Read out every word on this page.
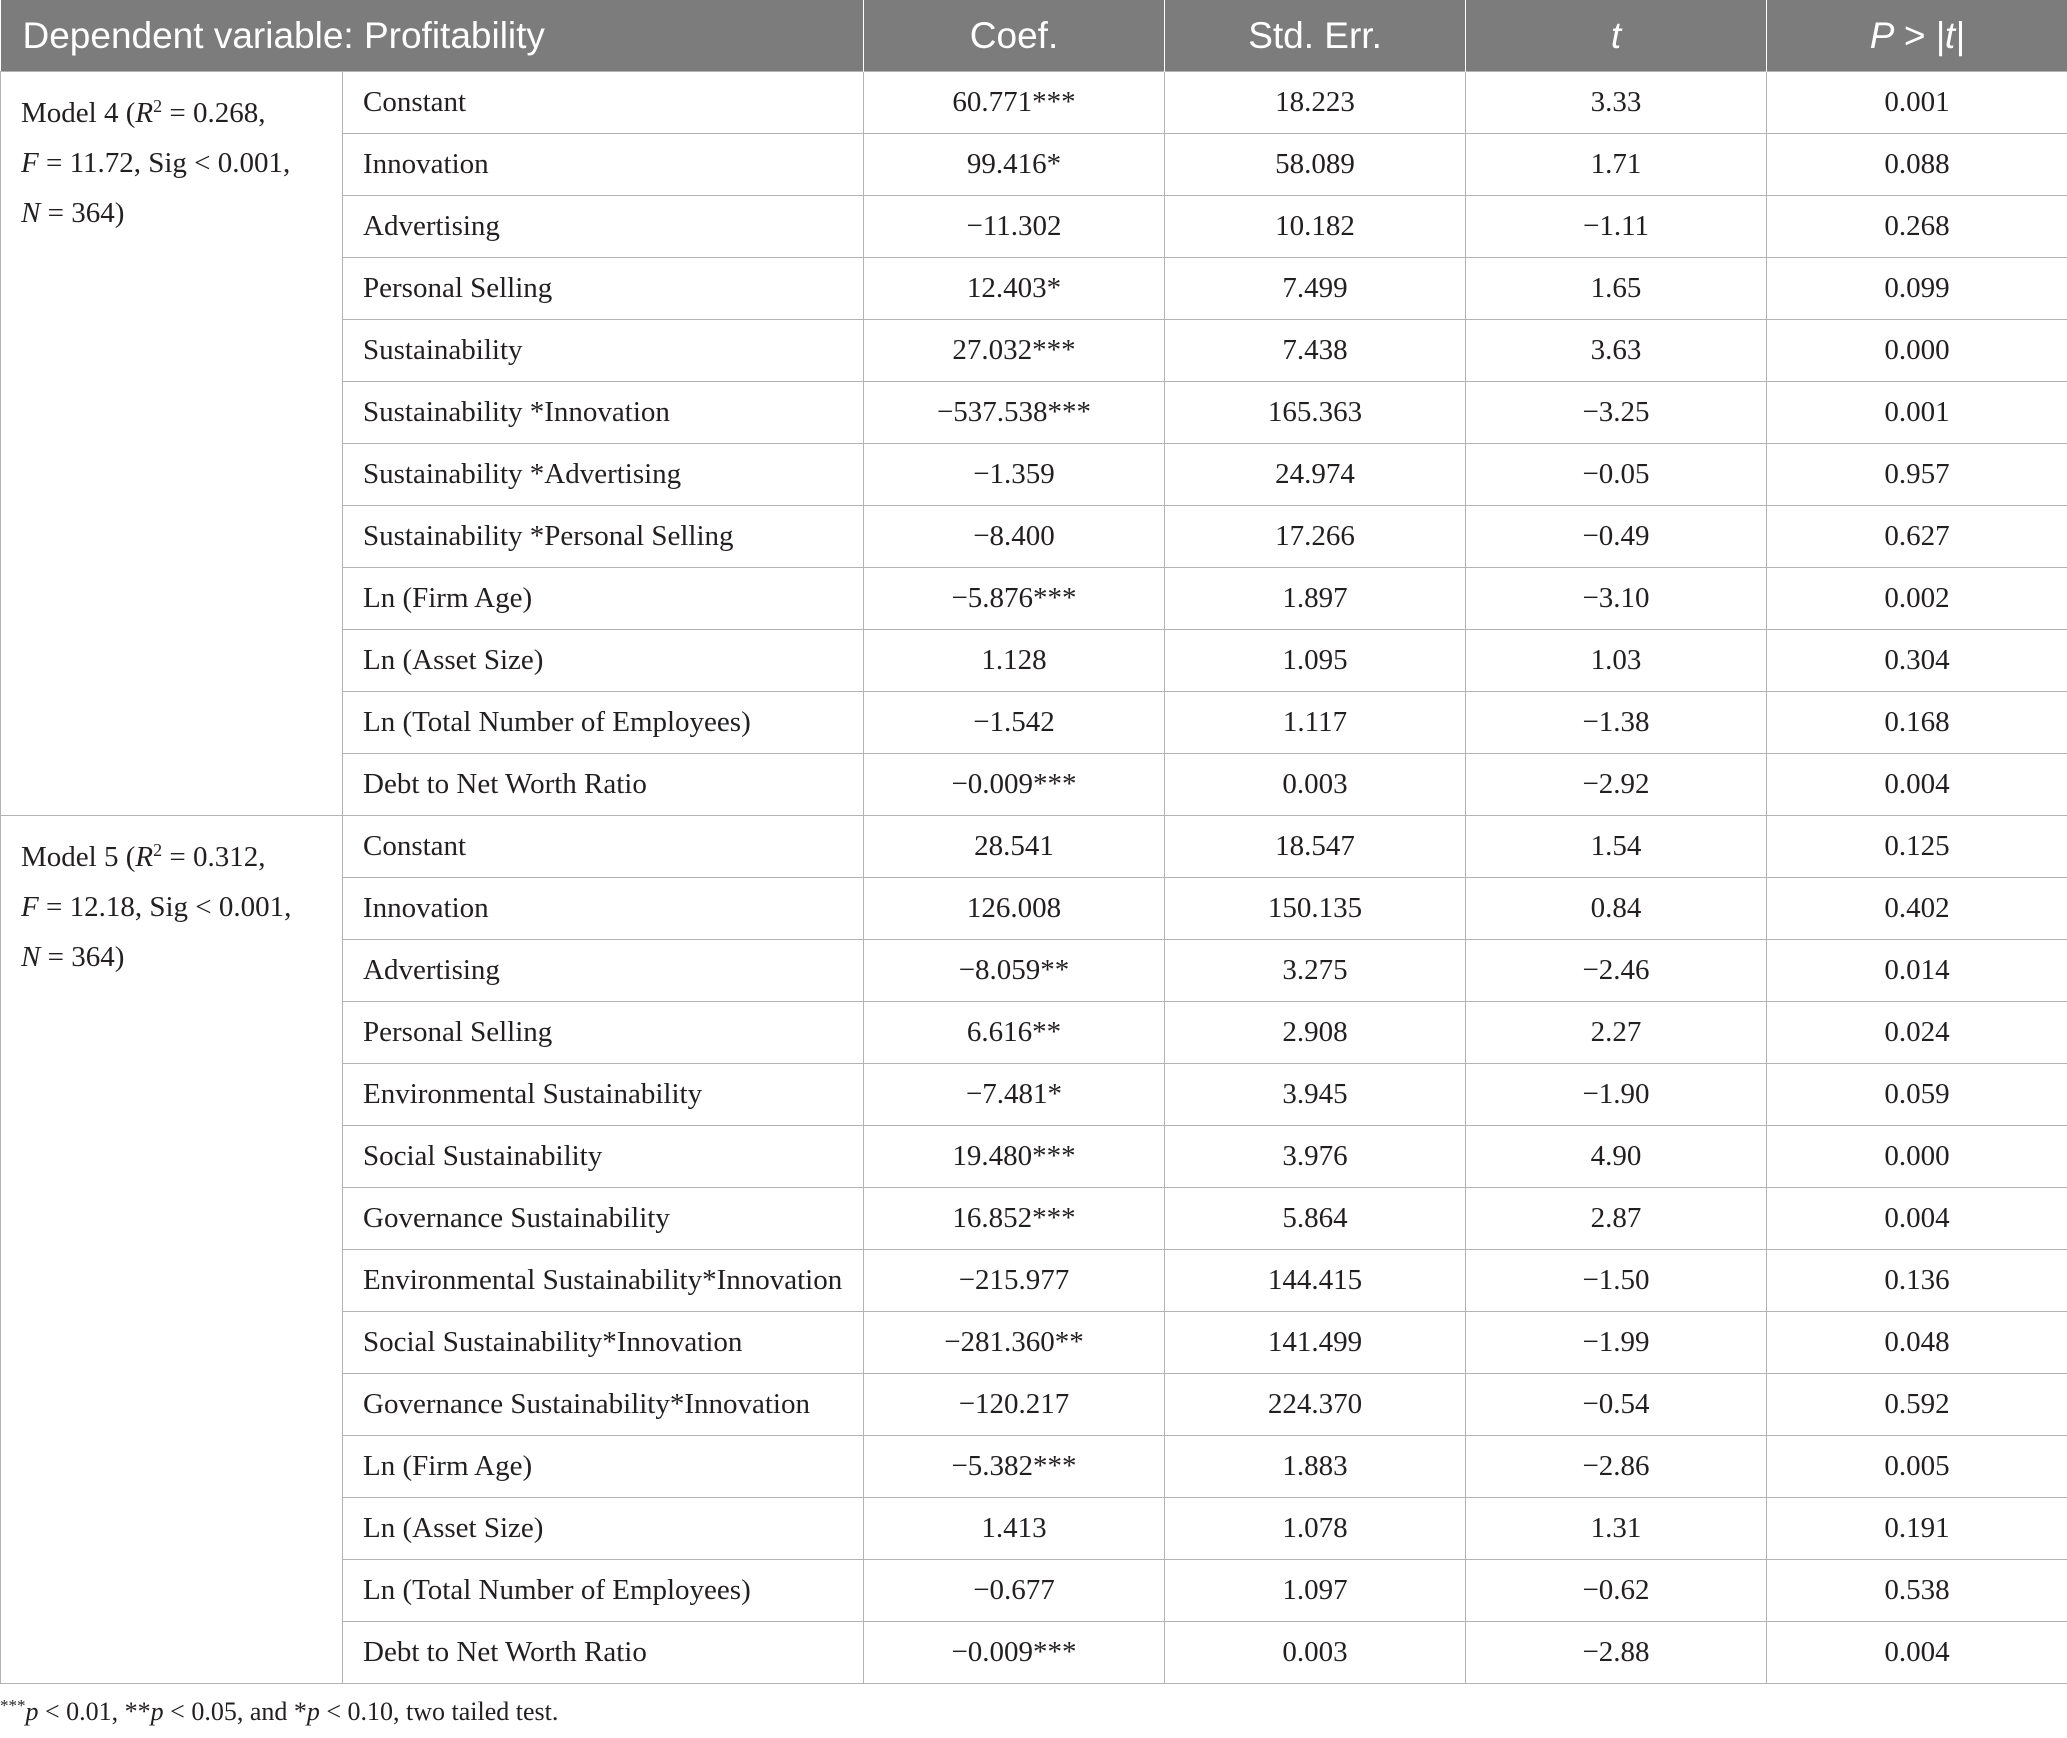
Dependent variable: Profitability		Coef.	Std. Err.	t	P > |t|

Model 4 ($R^2 = 0.268$,
F = 11.72, Sig < 0.001,
N = 364)	Constant	60.771***	18.223	3.33	0.001
	Innovation	99.416*	58.089	1.71	0.088
	Advertising	−11.302	10.182	−1.11	0.268
	Personal Selling	12.403*	7.499	1.65	0.099
	Sustainability	27.032***	7.438	3.63	0.000
	Sustainability *Innovation	−537.538***	165.363	−3.25	0.001
	Sustainability *Advertising	−1.359	24.974	−0.05	0.957
	Sustainability *Personal Selling	−8.400	17.266	−0.49	0.627
	Ln (Firm Age)	−5.876***	1.897	−3.10	0.002
	Ln (Asset Size)	1.128	1.095	1.03	0.304
	Ln (Total Number of Employees)	−1.542	1.117	−1.38	0.168
	Debt to Net Worth Ratio	−0.009***	0.003	−2.92	0.004

Model 5 ($R^2 = 0.312$,
F = 12.18, Sig < 0.001,
N = 364)	Constant	28.541	18.547	1.54	0.125
	Innovation	126.008	150.135	0.84	0.402
	Advertising	−8.059**	3.275	−2.46	0.014
	Personal Selling	6.616**	2.908	2.27	0.024
	Environmental Sustainability	−7.481*	3.945	−1.90	0.059
	Social Sustainability	19.480***	3.976	4.90	0.000
	Governance Sustainability	16.852***	5.864	2.87	0.004
	Environmental Sustainability*Innovation	−215.977	144.415	−1.50	0.136
	Social Sustainability*Innovation	−281.360**	141.499	−1.99	0.048
	Governance Sustainability*Innovation	−120.217	224.370	−0.54	0.592
	Ln (Firm Age)	−5.382***	1.883	−2.86	0.005
	Ln (Asset Size)	1.413	1.078	1.31	0.191
	Ln (Total Number of Employees)	−0.677	1.097	−0.62	0.538
	Debt to Net Worth Ratio	−0.009***	0.003	−2.88	0.004
***p < 0.01, **p < 0.05, and *p < 0.10, two tailed test.
